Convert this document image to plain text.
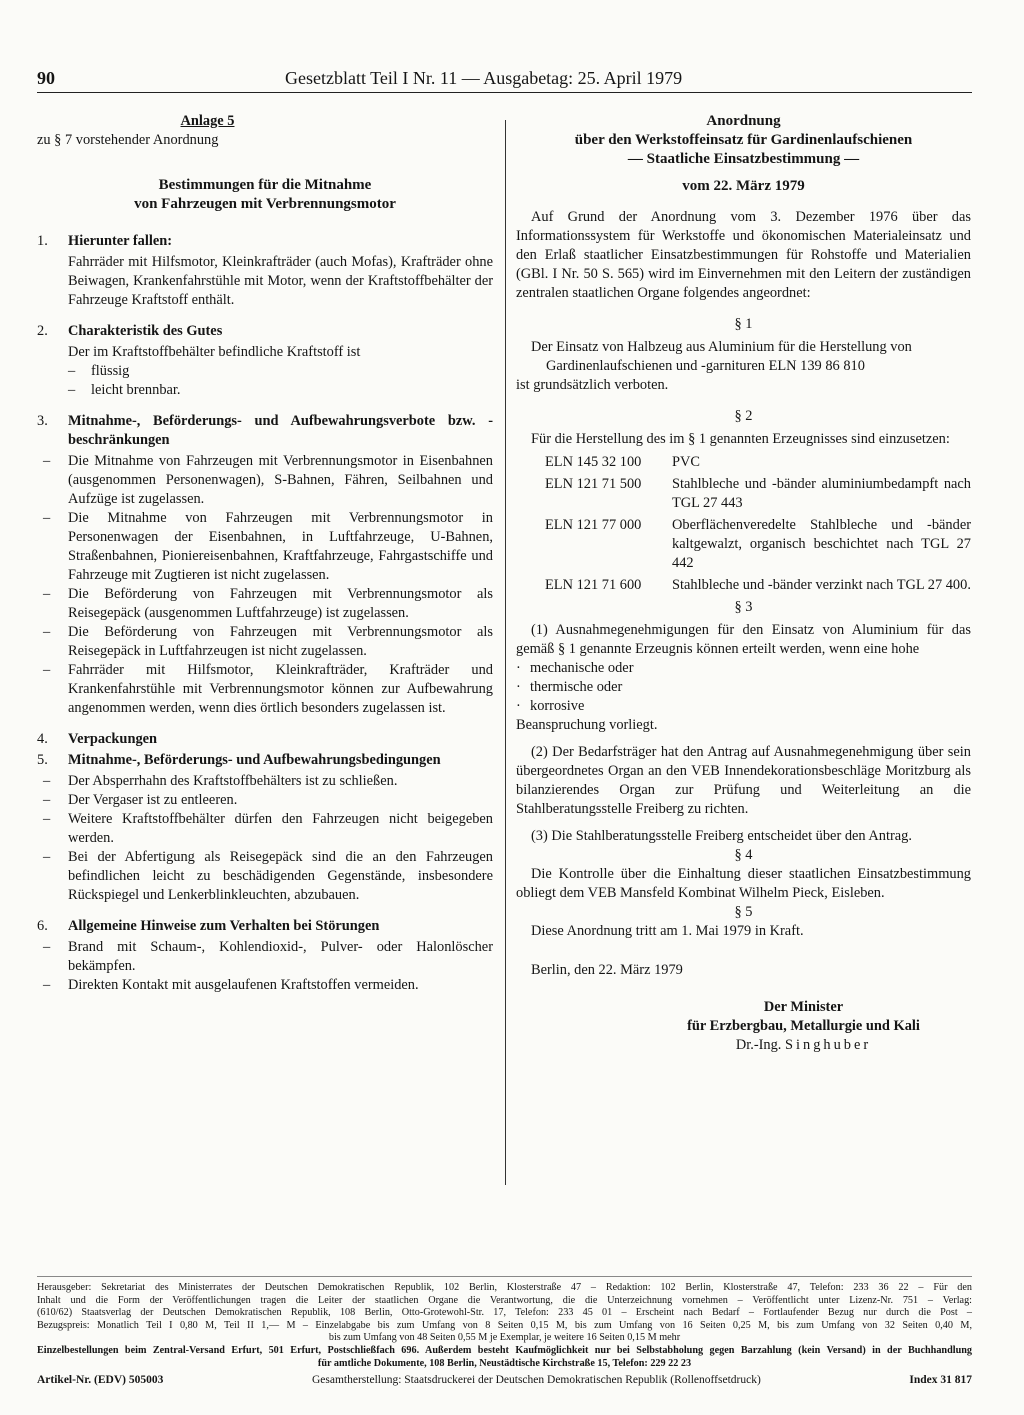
90	Gesetzblatt Teil I Nr. 11 — Ausgabetag: 25. April 1979
Anlage 5
zu § 7 vorstehender Anordnung
Bestimmungen für die Mitnahme
von Fahrzeugen mit Verbrennungsmotor
1.	Hierunter fallen:
Fahrräder mit Hilfsmotor, Kleinkrafträder (auch Mofas), Krafträder ohne Beiwagen, Krankenfahrstühle mit Motor, wenn der Kraftstoffbehälter der Fahrzeuge Kraftstoff enthält.
2.	Charakteristik des Gutes
Der im Kraftstoffbehälter befindliche Kraftstoff ist
–	flüssig
–	leicht brennbar.
3.	Mitnahme-, Beförderungs- und Aufbewahrungsverbote bzw. -beschränkungen
–	Die Mitnahme von Fahrzeugen mit Verbrennungsmotor in Eisenbahnen (ausgenommen Personenwagen), S-Bahnen, Fähren, Seilbahnen und Aufzüge ist zugelassen.
–	Die Mitnahme von Fahrzeugen mit Verbrennungsmotor in Personenwagen der Eisenbahnen, in Luftfahrzeuge, U-Bahnen, Straßenbahnen, Pioniereisenbahnen, Kraftfahrzeuge, Fahrgastschiffe und Fahrzeuge mit Zugtieren ist nicht zugelassen.
–	Die Beförderung von Fahrzeugen mit Verbrennungsmotor als Reisegepäck (ausgenommen Luftfahrzeuge) ist zugelassen.
–	Die Beförderung von Fahrzeugen mit Verbrennungsmotor als Reisegepäck in Luftfahrzeugen ist nicht zugelassen.
–	Fahrräder mit Hilfsmotor, Kleinkrafträder, Krafträder und Krankenfahrstühle mit Verbrennungsmotor können zur Aufbewahrung angenommen werden, wenn dies örtlich besonders zugelassen ist.
4.	Verpackungen
5.	Mitnahme-, Beförderungs- und Aufbewahrungsbedingungen
–	Der Absperrhahn des Kraftstoffbehälters ist zu schließen.
–	Der Vergaser ist zu entleeren.
–	Weitere Kraftstoffbehälter dürfen den Fahrzeugen nicht beigegeben werden.
–	Bei der Abfertigung als Reisegepäck sind die an den Fahrzeugen befindlichen leicht zu beschädigenden Gegenstände, insbesondere Rückspiegel und Lenkerblinkleuchten, abzubauen.
6.	Allgemeine Hinweise zum Verhalten bei Störungen
–	Brand mit Schaum-, Kohlendioxid-, Pulver- oder Halonlöscher bekämpfen.
–	Direkten Kontakt mit ausgelaufenen Kraftstoffen vermeiden.
Anordnung
über den Werkstoffeinsatz für Gardinenlaufschienen
— Staatliche Einsatzbestimmung —
vom 22. März 1979
Auf Grund der Anordnung vom 3. Dezember 1976 über das Informationssystem für Werkstoffe und ökonomischen Materialeinsatz und den Erlaß staatlicher Einsatzbestimmungen für Rohstoffe und Materialien (GBl. I Nr. 50 S. 565) wird im Einvernehmen mit den Leitern der zuständigen zentralen staatlichen Organe folgendes angeordnet:
§ 1
Der Einsatz von Halbzeug aus Aluminium für die Herstellung von
Gardinenlaufschienen und -garnituren ELN 139 86 810
ist grundsätzlich verboten.
§ 2
Für die Herstellung des im § 1 genannten Erzeugnisses sind einzusetzen:
ELN 145 32 100	PVC
ELN 121 71 500	Stahlbleche und -bänder aluminiumbedampft nach TGL 27 443
ELN 121 77 000	Oberflächenveredelte Stahlbleche und -bänder kaltgewalzt, organisch beschichtet nach TGL 27 442
ELN 121 71 600	Stahlbleche und -bänder verzinkt nach TGL 27 400.
§ 3
(1) Ausnahmegenehmigungen für den Einsatz von Aluminium für das gemäß § 1 genannte Erzeugnis können erteilt werden, wenn eine hohe
· mechanische oder
· thermische oder
· korrosive
Beanspruchung vorliegt.
(2) Der Bedarfsträger hat den Antrag auf Ausnahmegenehmigung über sein übergeordnetes Organ an den VEB Innendekorationsbeschläge Moritzburg als bilanzierendes Organ zur Prüfung und Weiterleitung an die Stahlberatungsstelle Freiberg zu richten.
(3) Die Stahlberatungsstelle Freiberg entscheidet über den Antrag.
§ 4
Die Kontrolle über die Einhaltung dieser staatlichen Einsatzbestimmung obliegt dem VEB Mansfeld Kombinat Wilhelm Pieck, Eisleben.
§ 5
Diese Anordnung tritt am 1. Mai 1979 in Kraft.
Berlin, den 22. März 1979
Der Minister
für Erzbergbau, Metallurgie und Kali
Dr.-Ing. Singhuber
Herausgeber: Sekretariat des Ministerrates der Deutschen Demokratischen Republik, 102 Berlin, Klosterstraße 47 – Redaktion: 102 Berlin, Klosterstraße 47, Telefon: 233 36 22 – Für den
Inhalt und die Form der Veröffentlichungen tragen die Leiter der staatlichen Organe die Verantwortung, die die Unterzeichnung vornehmen – Veröffentlicht unter Lizenz-Nr. 751 – Verlag:
(610/62) Staatsverlag der Deutschen Demokratischen Republik, 108 Berlin, Otto-Grotewohl-Str. 17, Telefon: 233 45 01 – Erscheint nach Bedarf – Fortlaufender Bezug nur durch die Post –
Bezugspreis: Monatlich Teil I 0,80 M, Teil II 1,— M – Einzelabgabe bis zum Umfang von 8 Seiten 0,15 M, bis zum Umfang von 16 Seiten 0,25 M, bis zum Umfang von 32 Seiten 0,40 M,
bis zum Umfang von 48 Seiten 0,55 M je Exemplar, je weitere 16 Seiten 0,15 M mehr
Einzelbestellungen beim Zentral-Versand Erfurt, 501 Erfurt, Postschließfach 696. Außerdem besteht Kaufmöglichkeit nur bei Selbstabholung gegen Barzahlung (kein Versand) in der Buchhandlung
für amtliche Dokumente, 108 Berlin, Neustädtische Kirchstraße 15, Telefon: 229 22 23
Artikel-Nr. (EDV) 505003	Gesamtherstellung: Staatsdruckerei der Deutschen Demokratischen Republik (Rollenoffsetdruck)	Index 31 817
